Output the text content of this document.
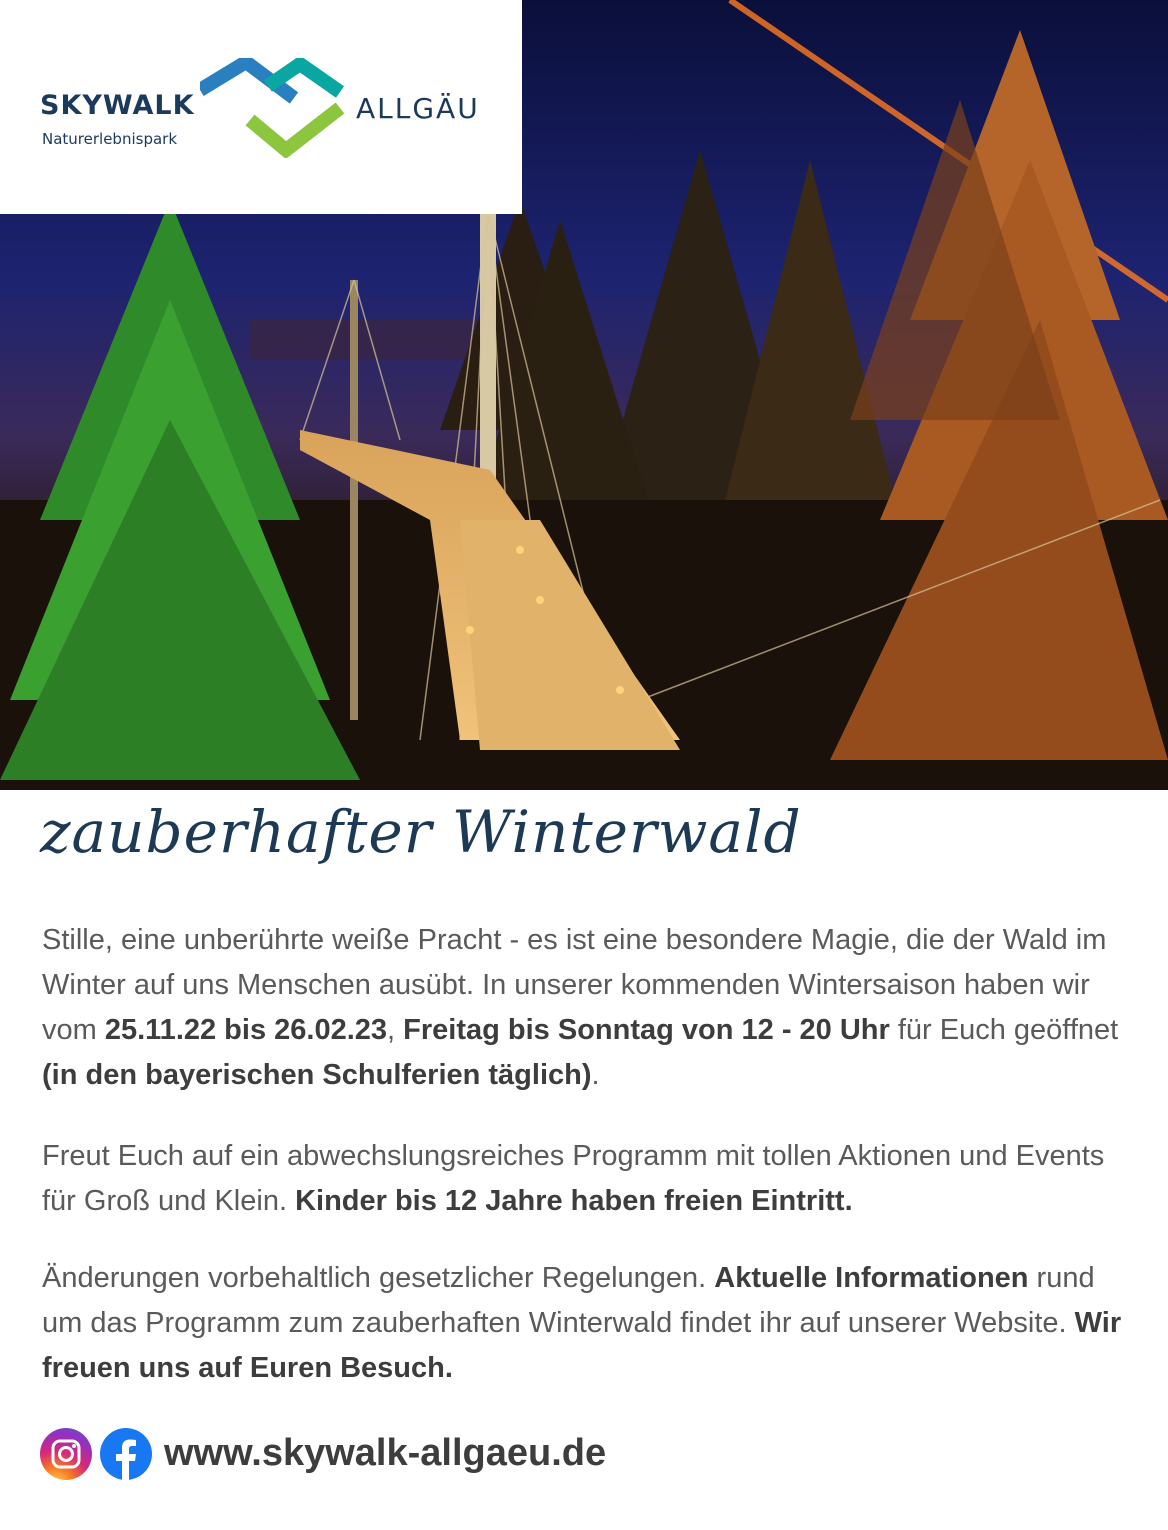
SKYWALK
Naturerlebnispark
ALLGÄU
zauberhafter Winterwald

Stille, eine unberührte weiße Pracht - es ist eine besondere Magie, die der Wald im Winter auf uns Menschen ausübt. In unserer kommenden Wintersaison haben wir vom 25.11.22 bis 26.02.23, Freitag bis Sonntag von 12 - 20 Uhr für Euch geöffnet (in den bayerischen Schulferien täglich).

Freut Euch auf ein abwechslungsreiches Programm mit tollen Aktionen und Events für Groß und Klein. Kinder bis 12 Jahre haben freien Eintritt.

Änderungen vorbehaltlich gesetzlicher Regelungen. Aktuelle Informationen rund um das Programm zum zauberhaften Winterwald findet ihr auf unserer Website. Wir freuen uns auf Euren Besuch.

www.skywalk-allgaeu.de
